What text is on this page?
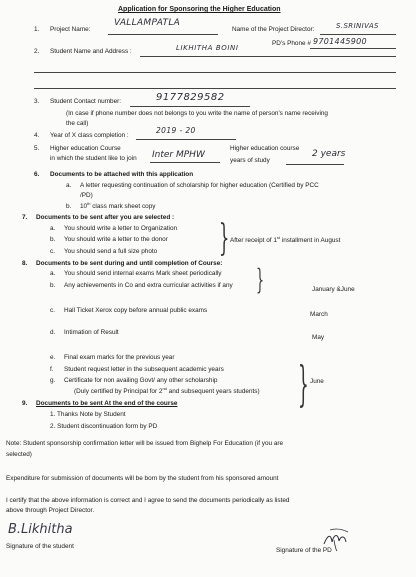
Application for Sponsoring the Higher Education
1. Project Name:
VALLAMPATLA
Name of the Project Director:	S.SRINIVAS
PD's Phone # 9701445900
2. Student Name and Address :	LIKHITHA BOINI
3. Student Contact number:	9177829582
(In case if phone number does not belongs to you write the name of person's name receiving
the call)
4. Year of X class completion :
2019 - 20
5. Higher education Course
in which the student like to join Inter MPHW
Higher education course
years of study
2 years
6. Documents to be attached with this application
a. A letter requesting continuation of scholarship for higher education (Certified by PCC
/PD)
b. 10th class mark sheet copy
7. Documents to be sent after you are selected :
a. You should write a letter to Organization
b. You should write a letter to the donor
c. You should send a full size photo } After receipt of 1st installment in August
8. Documents to be sent during and until completion of Course:
a. You should send internal exams Mark sheet periodically
b. Any achievements in Co and extra curricular activities if any }	January &June
c. Hall Ticket Xerox copy before annual public exams
March
d. Intimation of Result
May
e. Final exam marks for the previous year
f. Student request letter in the subsequent academic years
g. Certificate for non availing Govt/ any other scholarship
(Duly certified by Principal for 2nd and subsequent years students) } June
9. Documents to be sent At the end of the course
1. Thanks Note by Student
2. Student discontinuation form by PD
Note: Student sponsorship confirmation letter will be issued from Bighelp For Education (if you are
selected)
Expenditure for submission of documents will be born by the student from his sponsored amount
I certify that the above information is correct and I agree to send the documents periodically as listed
above through Project Director.
B.Likhitha
Signature of the student
Signature of the PD
